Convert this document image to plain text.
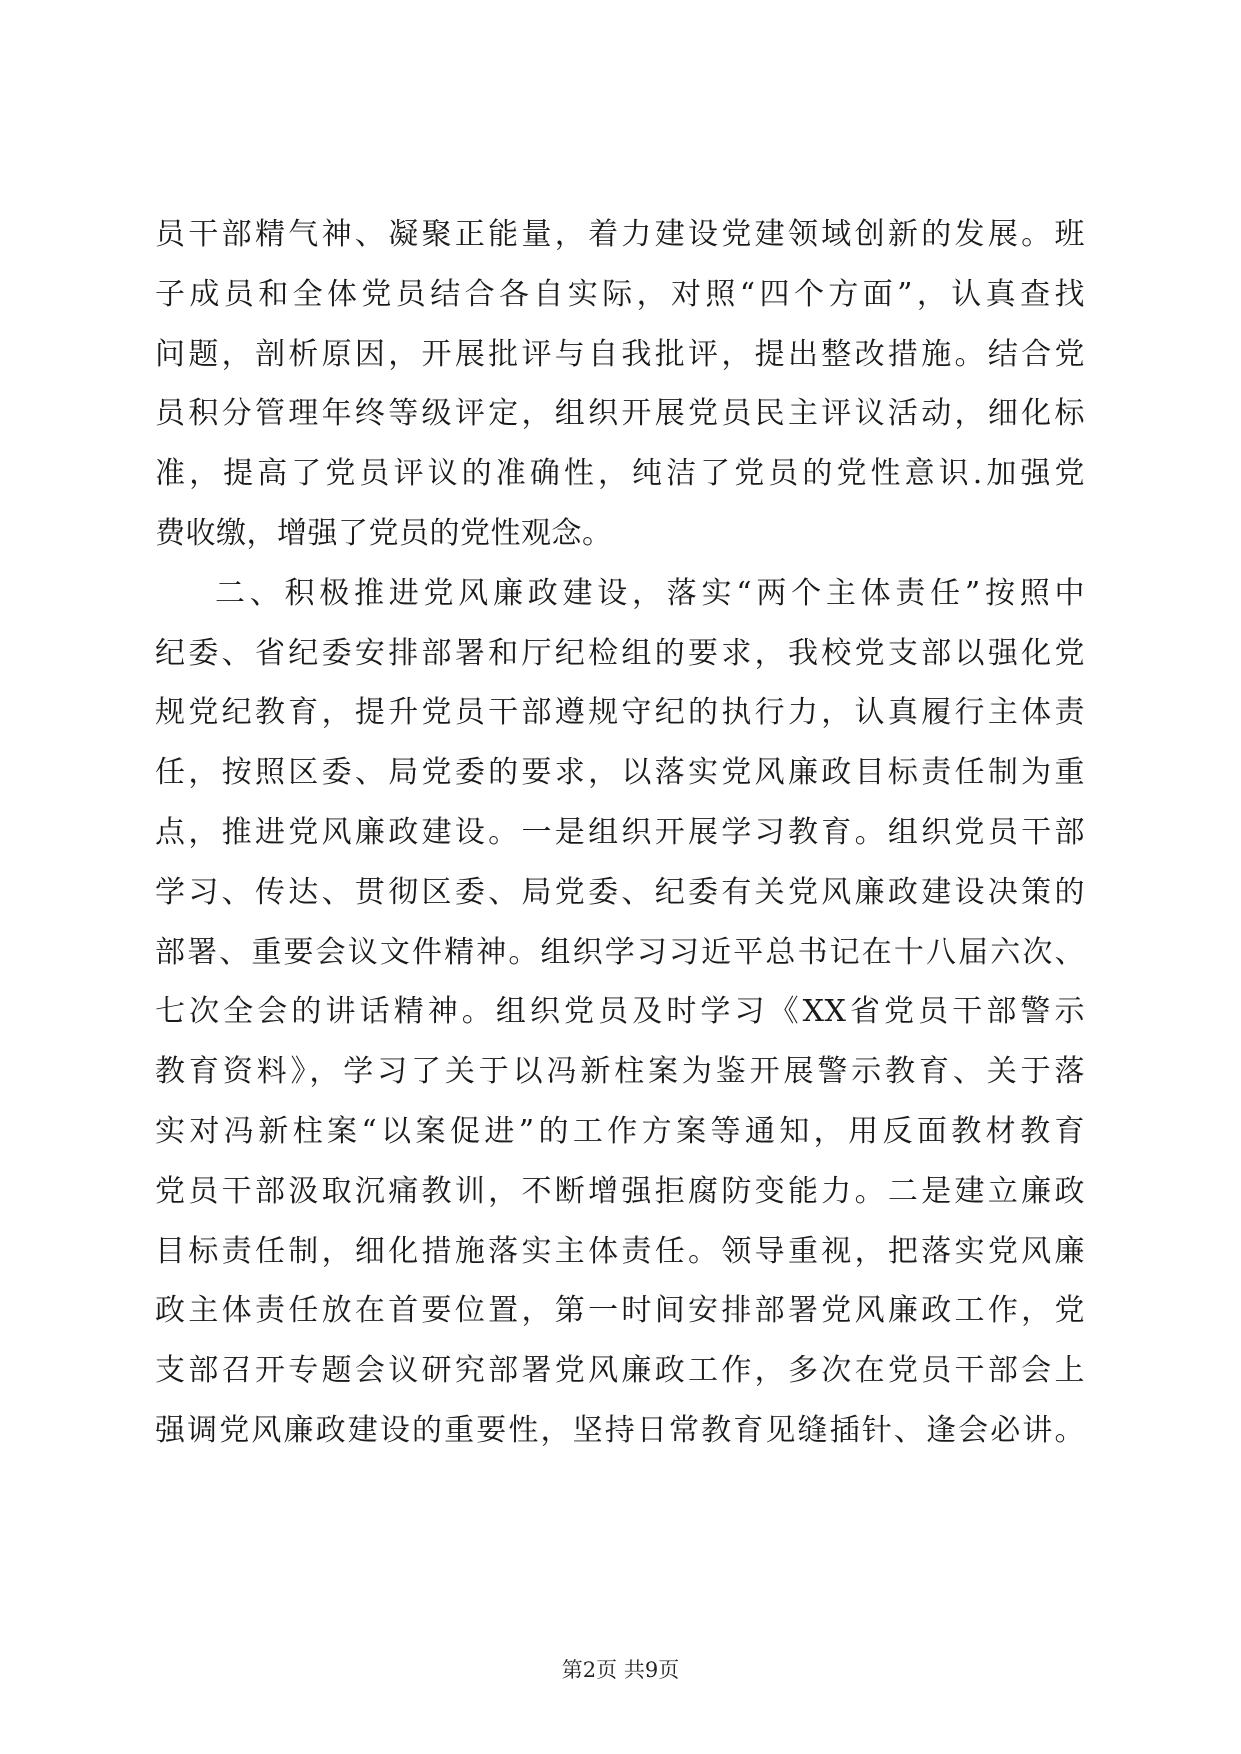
员干部精气神、凝聚正能量，着力建设党建领域创新的发展。班
子成员和全体党员结合各自实际，对照“四个方面”，认真查找
问题，剖析原因，开展批评与自我批评，提出整改措施。结合党
员积分管理年终等级评定，组织开展党员民主评议活动，细化标
准，提高了党员评议的准确性，纯洁了党员的党性意识.加强党
费收缴，增强了党员的党性观念。
二、积极推进党风廉政建设，落实“两个主体责任”按照中
纪委、省纪委安排部署和厅纪检组的要求，我校党支部以强化党
规党纪教育，提升党员干部遵规守纪的执行力，认真履行主体责
任，按照区委、局党委的要求，以落实党风廉政目标责任制为重
点，推进党风廉政建设。一是组织开展学习教育。组织党员干部
学习、传达、贯彻区委、局党委、纪委有关党风廉政建设决策的
部署、重要会议文件精神。组织学习习近平总书记在十八届六次、
七次全会的讲话精神。组织党员及时学习《XX省党员干部警示
教育资料》，学习了关于以冯新柱案为鉴开展警示教育、关于落
实对冯新柱案“以案促进”的工作方案等通知，用反面教材教育
党员干部汲取沉痛教训，不断增强拒腐防变能力。二是建立廉政
目标责任制，细化措施落实主体责任。领导重视，把落实党风廉
政主体责任放在首要位置，第一时间安排部署党风廉政工作，党
支部召开专题会议研究部署党风廉政工作，多次在党员干部会上
强调党风廉政建设的重要性，坚持日常教育见缝插针、逢会必讲。
第2页 共9页
